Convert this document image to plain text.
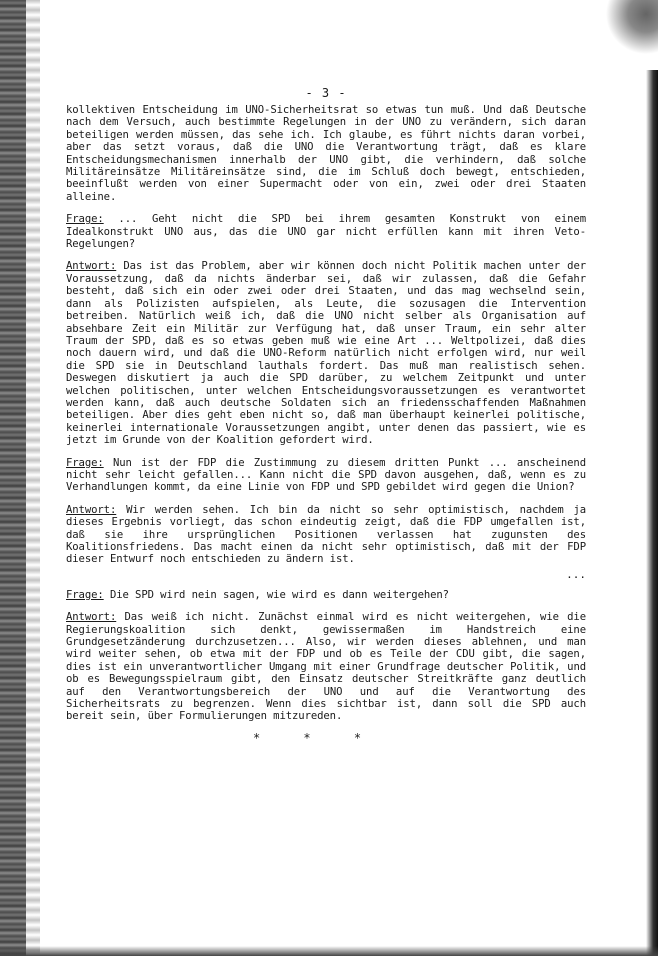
- 3 -

kollektiven Entscheidung im UNO-Sicherheitsrat so etwas tun muß. Und daß Deutsche nach dem Versuch, auch bestimmte Regelungen in der UNO zu verändern, sich daran beteiligen werden müssen, das sehe ich. Ich glaube, es führt nichts daran vorbei, aber das setzt voraus, daß die UNO die Verantwortung trägt, daß es klare Entscheidungsmechanismen innerhalb der UNO gibt, die verhindern, daß solche Militäreinsätze Militäreinsätze sind, die im Schluß doch bewegt, entschieden, beeinflußt werden von einer Supermacht oder von ein, zwei oder drei Staaten alleine.

Frage: ... Geht nicht die SPD bei ihrem gesamten Konstrukt von einem Idealkonstrukt UNO aus, das die UNO gar nicht erfüllen kann mit ihren Veto-Regelungen?

Antwort: Das ist das Problem, aber wir können doch nicht Politik machen unter der Voraussetzung, daß da nichts änderbar sei, daß wir zulassen, daß die Gefahr besteht, daß sich ein oder zwei oder drei Staaten, und das mag wechselnd sein, dann als Polizisten aufspielen, als Leute, die sozusagen die Intervention betreiben. Natürlich weiß ich, daß die UNO nicht selber als Organisation auf absehbare Zeit ein Militär zur Verfügung hat, daß unser Traum, ein sehr alter Traum der SPD, daß es so etwas geben muß wie eine Art ... Weltpolizei, daß dies noch dauern wird, und daß die UNO-Reform natürlich nicht erfolgen wird, nur weil die SPD sie in Deutschland lauthals fordert. Das muß man realistisch sehen. Deswegen diskutiert ja auch die SPD darüber, zu welchem Zeitpunkt und unter welchen politischen, unter welchen Entscheidungsvoraussetzungen es verantwortet werden kann, daß auch deutsche Soldaten sich an friedensschaffenden Maßnahmen beteiligen. Aber dies geht eben nicht so, daß man überhaupt keinerlei politische, keinerlei internationale Voraussetzungen angibt, unter denen das passiert, wie es jetzt im Grunde von der Koalition gefordert wird.

Frage: Nun ist der FDP die Zustimmung zu diesem dritten Punkt ... anscheinend nicht sehr leicht gefallen... Kann nicht die SPD davon ausgehen, daß, wenn es zu Verhandlungen kommt, da eine Linie von FDP und SPD gebildet wird gegen die Union?

Antwort: Wir werden sehen. Ich bin da nicht so sehr optimistisch, nachdem ja dieses Ergebnis vorliegt, das schon eindeutig zeigt, daß die FDP umgefallen ist, daß sie ihre ursprünglichen Positionen verlassen hat zugunsten des Koalitionsfriedens. Das macht einen da nicht sehr optimistisch, daß mit der FDP dieser Entwurf noch entschieden zu ändern ist.

...

Frage: Die SPD wird nein sagen, wie wird es dann weitergehen?

Antwort: Das weiß ich nicht. Zunächst einmal wird es nicht weitergehen, wie die Regierungskoalition sich denkt, gewissermaßen im Handstreich eine Grundgesetzänderung durchzusetzen... Also, wir werden dieses ablehnen, und man wird weiter sehen, ob etwa mit der FDP und ob es Teile der CDU gibt, die sagen, dies ist ein unverantwortlicher Umgang mit einer Grundfrage deutscher Politik, und ob es Bewegungsspielraum gibt, den Einsatz deutscher Streitkräfte ganz deutlich auf den Verantwortungsbereich der UNO und auf die Verantwortung des Sicherheitsrats zu begrenzen. Wenn dies sichtbar ist, dann soll die SPD auch bereit sein, über Formulierungen mitzureden.

* * *
